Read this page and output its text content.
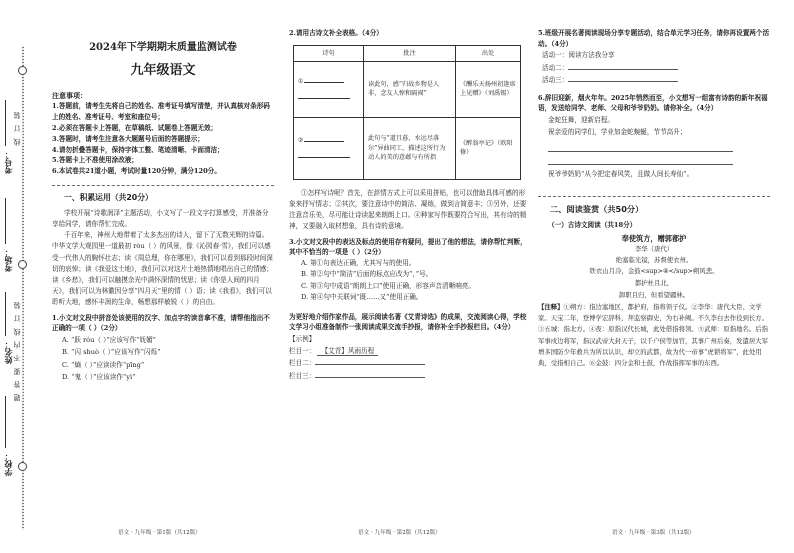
线 订 装
题 答 要 不 内 线 订 装
考号：
考场：
姓名：
学校：
2024年下学期期末质量监测试卷
九年级语文
注意事项：
1.答题前，请考生先将自己的姓名、准考证号填写清楚，并认真核对条形码上的姓名、准考证号、考室和座位号；
2.必须在答题卡上答题，在草稿纸、试题卷上答题无效；
3.答题时，请考生注意各大题题号后面的答题提示；
4.请勿折叠答题卡，保持字体工整、笔迹清晰、卡面清洁；
5.答题卡上不准使用涂改液；
6.本试卷共21道小题，考试时量120分钟，满分120分。
一、积累运用（共20分）
学校开展“诗歌润泽”主题活动，小文写了一段文字打算感受，并准备分享给同学，请你帮忙完成。
千百年来，神州大地带着了太多杰出的诗人，留下了无数光辉的诗篇。中华文学大观园里一道最初 ròu（ ）的风景，像《沁园春·雪》，我们可以感受一代伟人的胸怀壮志；读《周总理，你在哪里》，我们可以看到那段时间深切的哀悼；读《我爱这土地》，我们可以对这片土地热情地唱出自己的情感；读《乡愁》，我们可以触摸余光中满怀深情的忧思；读《你是人间的四月天》，我们可以为林徽因分享“四月天”里的情（ ）语；读《我看》，我们可以聆听大地，感怀丰润的生命，畅想那样敏锐（ ）的自由。
1.小文对文段中拼音处该使用的汉字、加点字的读音拿不准，请帮他指出不正确的一项（ ）（2分）
A. “跃 róu（ ）”应该写作“妩媚”
B. “闪 shuò（ ）”应该写作“闪烁”
C. “熵（ ）”应读读作“pīng”
D. “鬼（ ）”应该读作“yì”
语文 · 九年级 · 第1版（共12版）
2.请用古诗文补全表格。（4分）
诗句	批注	出处
①	读此句，感“归故乡物是人非，念友人悼和隔阂”	《酬乐天扬州初逢席上见赠》（刘禹锡）
②	此句与“道且暮，水远尽落尔”异曲同工，描述这所行为动人的美的意蕴与有所指	《醉翁亭记》（欧阳修）
①怎样写诗呢？首先，在辞情方式上可以采用拼贴，也可以借助具体可感的形象来抒写情志；②其次，要注意诗中的简洁、凝练，做到言简意丰；③另外，还要注意音乐美，尽可能让诗读起来朗朗上口。④种家写作既要符合写出，其有诗的精神，又要融入取材想象，具有诗的意境。
3.小文对文段中的表达及标点的使用存有疑问，提出了他的想法，请你帮忙判断，其中不恰当的一项是（ ）（2分）
A. 第①句表达正确，尤其写与的使用。
B. 第②句中“简洁”后面的标点应改为“，”号。
C. 第③句中成语“朗朗上口”使用正确，形容声音清晰响亮。
D. 第④句中关联词“既……又”使用正确。
为更好地介绍作家作品，展示阅读名著《艾青诗选》的成果，交流阅读心得，学校文学习小组准备制作一张阅读成果交流手抄报，请你补全手抄报栏目。（4分）
【示例】
栏目一： 【艾青】风雨历程
栏目二：
栏目三：
语文 · 九年级 · 第2版（共12版）
5.班级开展名著阅读现场分享专题活动，结合单元学习任务，请你再设置两个活动。（4分）
活动一：阅读方法我分享
活动二：
活动三：
6.辞旧迎新，烟火年年。2025年悄然而至，小文想写一组富有诗韵的新年祝福语，发送给同学、老师、父母和爷爷奶奶。请你补全。（4分）
金蛇狂舞，迎新启程。
祝亲爱的同学们，学业加金蛇蜿蜒，节节高升；
祝爷爷奶奶“从今把定春风笑，且做人间长寿仙”。
二、阅读鉴赏（共50分）
（一）古诗文阅读（共18分）
奉使筑方，赠郭都护
李华（唐代）
绝塞临光镜，苏督使衣州。
铁衣山月冷，金鼓<sup>④</sup>朔风悲。
都护杜且北，
卸职且归，但看望疆林。
【注释】①朔方：指边塞地区，都护府，指将领子仪。②李华：唐代大臣、文学家。天宝二年，登博学宏辞科，拜监察御史，为右补阙。不久李白去作役到长方。③五城：指北方。④夜：原指汉代长城，此处借指将领。⑤武师：原指地名。后指军事戍边将军，指汉武帝大封天子，以千户侯等加官，其事广州后奏，发遣居大军增多国防少年救兵为所以认识，却立的武都，故为代一帝事“虎锁将军”，此处用典，受指相自己。⑥金鼓：四分金和士鼓，作战指挥军事的东西。
语文 · 九年级 · 第3版（共12版）
